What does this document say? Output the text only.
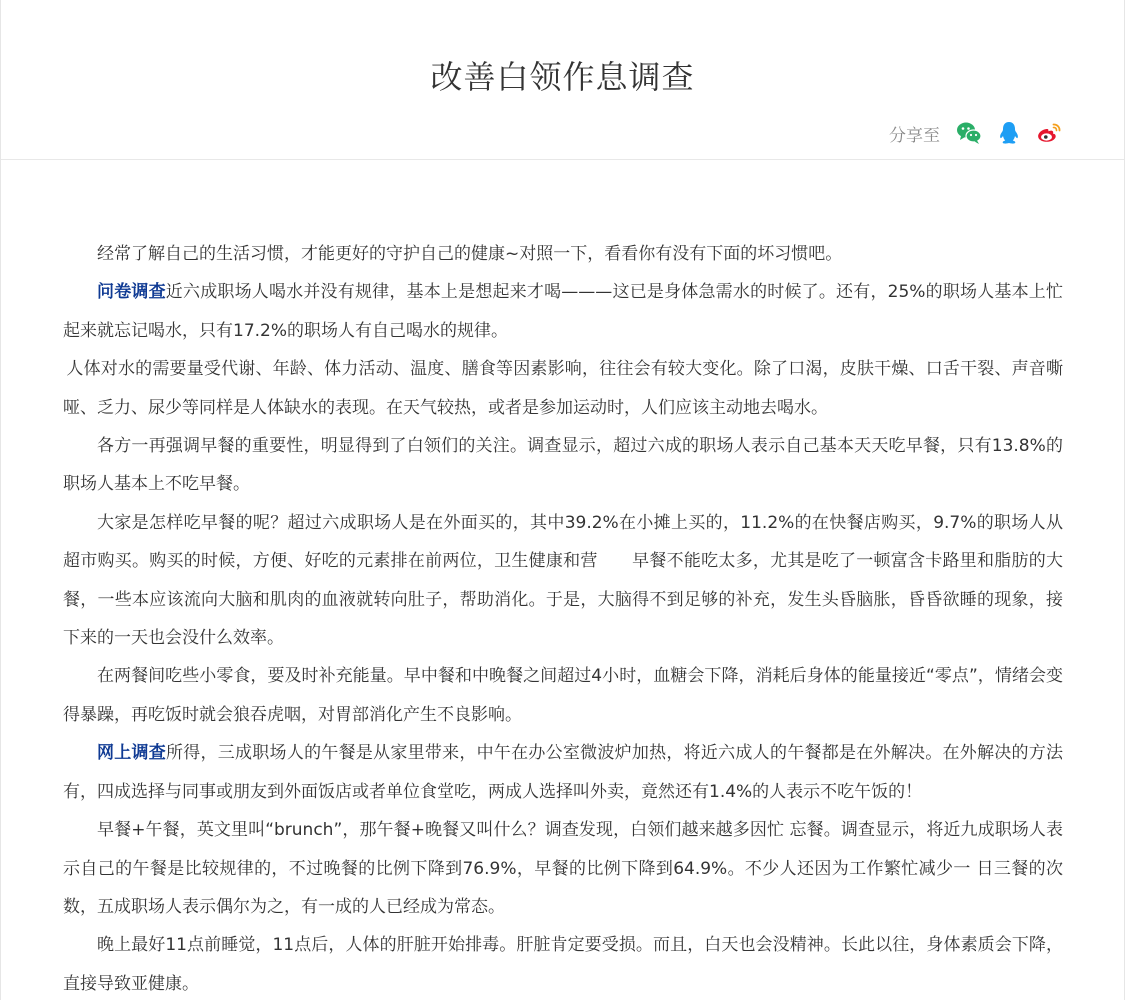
改善白领作息调查
分享至

经常了解自己的生活习惯，才能更好的守护自己的健康~对照一下，看看你有没有下面的坏习惯吧。

问卷调查近六成职场人喝水并没有规律，基本上是想起来才喝———这已是身体急需水的时候了。还有，25%的职场人基本上忙起来就忘记喝水，只有17.2%的职场人有自己喝水的规律。

人体对水的需要量受代谢、年龄、体力活动、温度、膳食等因素影响，往往会有较大变化。除了口渴，皮肤干燥、口舌干裂、声音嘶哑、乏力、尿少等同样是人体缺水的表现。在天气较热，或者是参加运动时，人们应该主动地去喝水。

各方一再强调早餐的重要性，明显得到了白领们的关注。调查显示，超过六成的职场人表示自己基本天天吃早餐，只有13.8%的职场人基本上不吃早餐。

大家是怎样吃早餐的呢？超过六成职场人是在外面买的，其中39.2%在小摊上买的，11.2%的在快餐店购买，9.7%的职场人从超市购买。购买的时候，方便、好吃的元素排在前两位，卫生健康和营　　早餐不能吃太多，尤其是吃了一顿富含卡路里和脂肪的大餐，一些本应该流向大脑和肌肉的血液就转向肚子，帮助消化。于是，大脑得不到足够的补充，发生头昏脑胀，昏昏欲睡的现象，接下来的一天也会没什么效率。

在两餐间吃些小零食，要及时补充能量。早中餐和中晚餐之间超过4小时，血糖会下降，消耗后身体的能量接近“零点”，情绪会变得暴躁，再吃饭时就会狼吞虎咽，对胃部消化产生不良影响。

网上调查所得，三成职场人的午餐是从家里带来，中午在办公室微波炉加热，将近六成人的午餐都是在外解决。在外解决的方法有，四成选择与同事或朋友到外面饭店或者单位食堂吃，两成人选择叫外卖，竟然还有1.4%的人表示不吃午饭的！

早餐+午餐，英文里叫“brunch”，那午餐+晚餐又叫什么？调查发现，白领们越来越多因忙 忘餐。调查显示，将近九成职场人表示自己的午餐是比较规律的，不过晚餐的比例下降到76.9%，早餐的比例下降到64.9%。不少人还因为工作繁忙减少一 日三餐的次数，五成职场人表示偶尔为之，有一成的人已经成为常态。

晚上最好11点前睡觉，11点后，人体的肝脏开始排毒。肝脏肯定要受损。而且，白天也会没精神。长此以往，身体素质会下降，直接导致亚健康。
